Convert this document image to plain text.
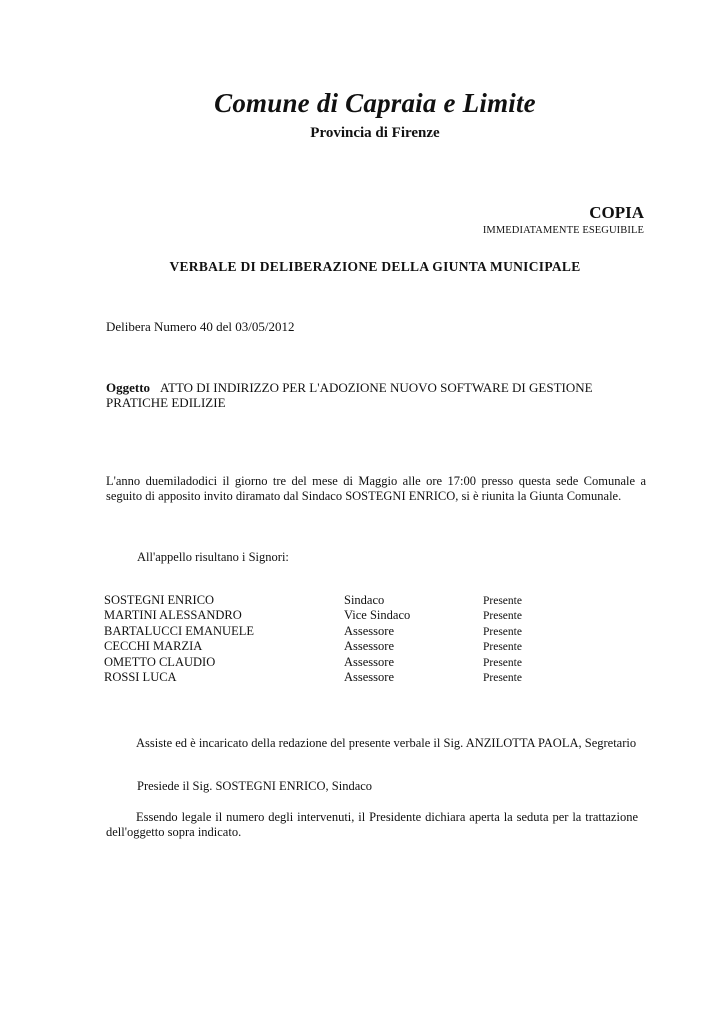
Comune di Capraia e Limite
Provincia di Firenze
COPIA
IMMEDIATAMENTE ESEGUIBILE
VERBALE DI DELIBERAZIONE DELLA GIUNTA MUNICIPALE
Delibera Numero 40 del 03/05/2012
Oggetto ATTO DI INDIRIZZO PER L'ADOZIONE NUOVO SOFTWARE DI GESTIONE PRATICHE EDILIZIE
L'anno duemiladodici il giorno tre del mese di Maggio alle ore 17:00 presso questa sede Comunale a seguito di apposito invito diramato dal Sindaco SOSTEGNI ENRICO, si è riunita la Giunta Comunale.
All'appello risultano i Signori:
SOSTEGNI ENRICO	Sindaco	Presente
MARTINI ALESSANDRO	Vice Sindaco	Presente
BARTALUCCI EMANUELE	Assessore	Presente
CECCHI MARZIA	Assessore	Presente
OMETTO CLAUDIO	Assessore	Presente
ROSSI LUCA	Assessore	Presente
Assiste ed è incaricato della redazione del presente verbale il Sig. ANZILOTTA PAOLA, Segretario
Presiede il Sig. SOSTEGNI ENRICO, Sindaco
Essendo legale il numero degli intervenuti, il Presidente dichiara aperta la seduta per la trattazione dell'oggetto sopra indicato.
